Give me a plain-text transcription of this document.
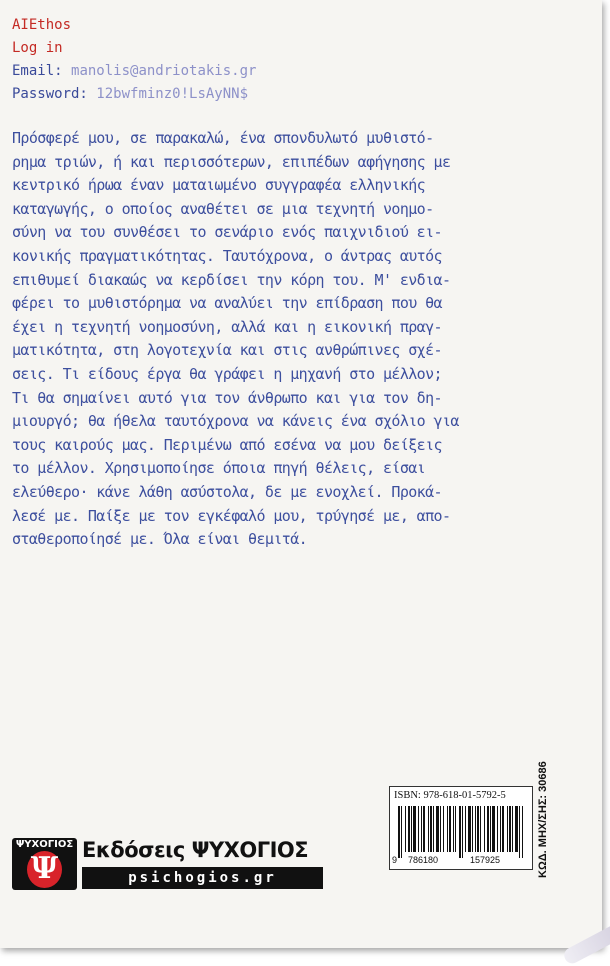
AIEthos
Log in
Email: manolis@andriotakis.gr
Password: 12bwfminz0!LsAyNN$
Πρόσφερέ μου, σε παρακαλώ, ένα σπονδυλωτό μυθιστό-
ρημα τριών, ή και περισσότερων, επιπέδων αφήγησης με
κεντρικό ήρωα έναν ματαιωμένο συγγραφέα ελληνικής
καταγωγής, ο οποίος αναθέτει σε μια τεχνητή νοημο-
σύνη να του συνθέσει το σενάριο ενός παιχνιδιού ει-
κονικής πραγματικότητας. Ταυτόχρονα, ο άντρας αυτός
επιθυμεί διακαώς να κερδίσει την κόρη του. Μ' ενδια-
φέρει το μυθιστόρημα να αναλύει την επίδραση που θα
έχει η τεχνητή νοημοσύνη, αλλά και η εικονική πραγ-
ματικότητα, στη λογοτεχνία και στις ανθρώπινες σχέ-
σεις. Τι είδους έργα θα γράφει η μηχανή στο μέλλον;
Τι θα σημαίνει αυτό για τον άνθρωπο και για τον δη-
μιουργό; θα ήθελα ταυτόχρονα να κάνεις ένα σχόλιο για
τους καιρούς μας. Περιμένω από εσένα να μου δείξεις
το μέλλον. Χρησιμοποίησε όποια πηγή θέλεις, είσαι
ελεύθερο· κάνε λάθη ασύστολα, δε με ενοχλεί. Προκά-
λεσέ με. Παίξε με τον εγκέφαλό μου, τρύγησέ με, απο-
σταθεροποίησέ με. Όλα είναι θεμιτά.
ΨΥΧΟΓΙΟΣ
Ψ
Εκδόσεις ΨΥΧΟΓΙΟΣ
psichogios.gr
ISBN: 978-618-01-5792-5
9 786180	157925	ΚΩΔ. ΜΗΧ/ΣΗΣ: 30686
